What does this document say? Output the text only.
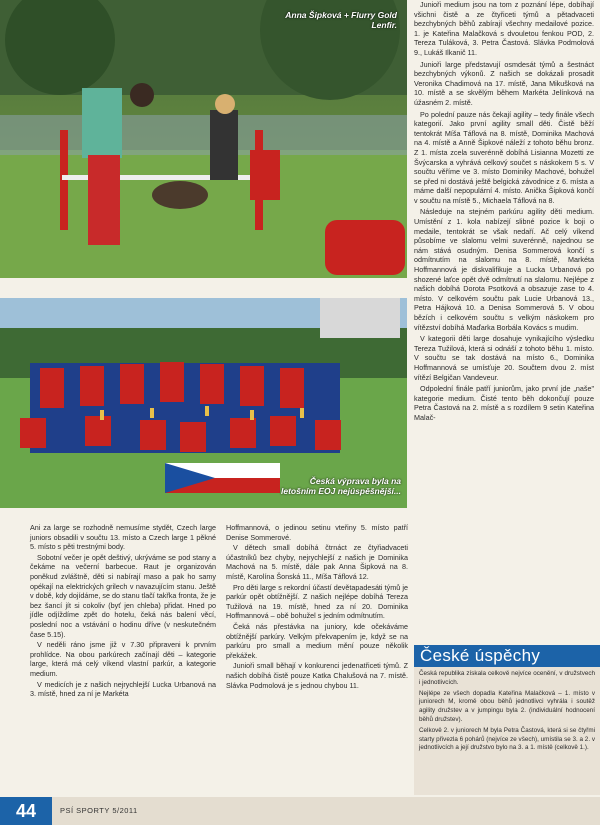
Anna Šipková + Flurry Gold Lenfir.
Česká výprava byla na letošním EOJ nejúspěšnější...

Ani za large se rozhodně nemusíme stydět, Czech large juniors obsadili v součtu 13. místo a Czech large 1 pěkné 5. místo s pěti trestnými body.

Sobotní večer je opět deštivý, ukrýváme se pod stany a čekáme na večerní barbecue. Raut je organizován poněkud zvláštně, děti si nabírají maso a pak ho samy opékají na elektrických grilech v navazujícím stanu. Ještě v době, kdy dojídáme, se do stanu tlačí takřka fronta, že je bez šancí jít si cokoliv (byť jen chleba) přidat. Hned po jídle odjíždíme zpět do hotelu, čeká nás balení věcí, poslední noc a vstávání o hodinu dříve (v neskutečném čase 5.15).

V neděli ráno jsme již v 7.30 připraveni k prvním prohlídce. Na obou parkúrech začínají děti – kategorie large, která má celý víkend vlastní parkúr, a kategorie medium.

V medicích je z našich nejrychlejší Lucka Urbanová na 3. místě, hned za ní je Markéta

Hoffmannová, o jedinou setinu vteřiny 5. místo patří Denise Sommerové.

V dětech small dobíhá čtrnáct ze čtyřiadvaceti účastníků bez chyby, nejrychlejší z našich je Dominika Machová na 5. místě, dále pak Anna Šipková na 8. místě, Karolína Šonská 11., Míša Táflová 12.

Pro děti large s rekordní účastí devětapadesáti týmů je parkúr opět obtížnější. Z našich nejlépe dobíhá Tereza Tužilová na 19. místě, hned za ní 20. Dominika Hoffmannová – obě bohužel s jedním odmítnutím.

Čeká nás přestávka na juniory, kde očekáváme obtížnější parkúry. Velkým překvapením je, když se na parkúru pro small a medium mění pouze několik překážek.

Junioři small běhají v konkurenci jedenatřiceti týmů. Z našich dobíhá čistě pouze Katka Chalušová na 7. místě. Slávka Podmolová je s jednou chybou 11.

Junioři medium jsou na tom z poznání lépe, dobíhají všichni čistě a ze čtyřiceti týmů a pětadvaceti bezchybných běhů zabírají všechny medailové pozice. 1. je Kateřina Malačková s dvouletou fenkou POD, 2. Tereza Tuláková, 3. Petra Častová. Slávka Podmolová 9., Lukáš Ilkanič 11.

Junioři large představují osmdesát týmů a šestnáct bezchybných výkonů. Z našich se dokázali prosadit Veronika Chadimová na 17. místě, Jana Mikušková na 10. místě a se skvělým během Markéta Jelínková na úžasném 2. místě.

Po polední pauze nás čekají agility – tedy finále všech kategorií. Jako první agility small děti. Čistě běží tentokrát Míša Táflová na 8. místě, Dominika Machová na 4. místě a Anně Šipkové náleží z tohoto běhu bronz. Z 1. místa zcela suverénně dobíhá Lisianna Mozetti ze Švýcarska a vyhrává celkový součet s náskokem 5 s. V součtu věříme ve 3. místo Dominiky Machové, bohužel se před ni dostává ještě belgická závodnice z 6. místa a máme další nepopulární 4. místo. Anička Šipková končí v součtu na místě 5., Michaela Táflová na 8.

Následuje na stejném parkúru agility děti medium. Umístění z 1. kola nabízejí slibné pozice k boji o medaile, tentokrát se však nedaří. Ač celý víkend působíme ve slalomu velmi suverénně, najednou se nám stává osudným. Denisa Sommerová končí s odmítnutím na slalomu na 8. místě, Markéta Hoffmannová je diskvalifikuje a Lucka Urbanová po shozené laťce opět dvě odmítnutí na slalomu. Nejlépe z našich dobíhá Dorota Psotková a obsazuje zase to 4. místo. V celkovém součtu pak Lucie Urbanová 13., Petra Hájková 10. a Denisa Sommerová 5. V obou bězích i celkovém součtu s velkým náskokem pro vítězství dobíhá Maďarka Borbála Kovács s mudim.

V kategorii děti large dosahuje vynikajícího výsledku Tereza Tužilová, která si odnáší z tohoto běhu 1. místo. V součtu se tak dostává na místo 6., Dominika Hoffmannová se umísťuje 20. Součtem dvou 2. míst vítězí Belgičan Vandeveur.

Odpolední finále patří juniorům, jako první jde „naše" kategorie medium. Čisté tento běh dokončují pouze Petra Častová na 2. místě a s rozdílem 9 setin Kateřina Malač-

České úspěchy

Česká republika získala celkově nejvíce ocenění, v družstvech i jednotlivcích.

Nejlépe ze všech dopadla Kateřina Malačková – 1. místo v juniorech M, kromě obou běhů jednotlivci vyhrála i soutěž agility družstev a v jumpingu byla 2. (individuální hodnocení běhů družstev).

Celkově 2. v juniorech M byla Petra Častová, která si se čtyřmi starty přivezla 6 pohárů (nejvíce ze všech), umístila se 3. a 2. v jednotlivcích a její družstvo bylo na 3. a 1. místě (celkově 1.).

44	PSÍ SPORTY 5/2011
